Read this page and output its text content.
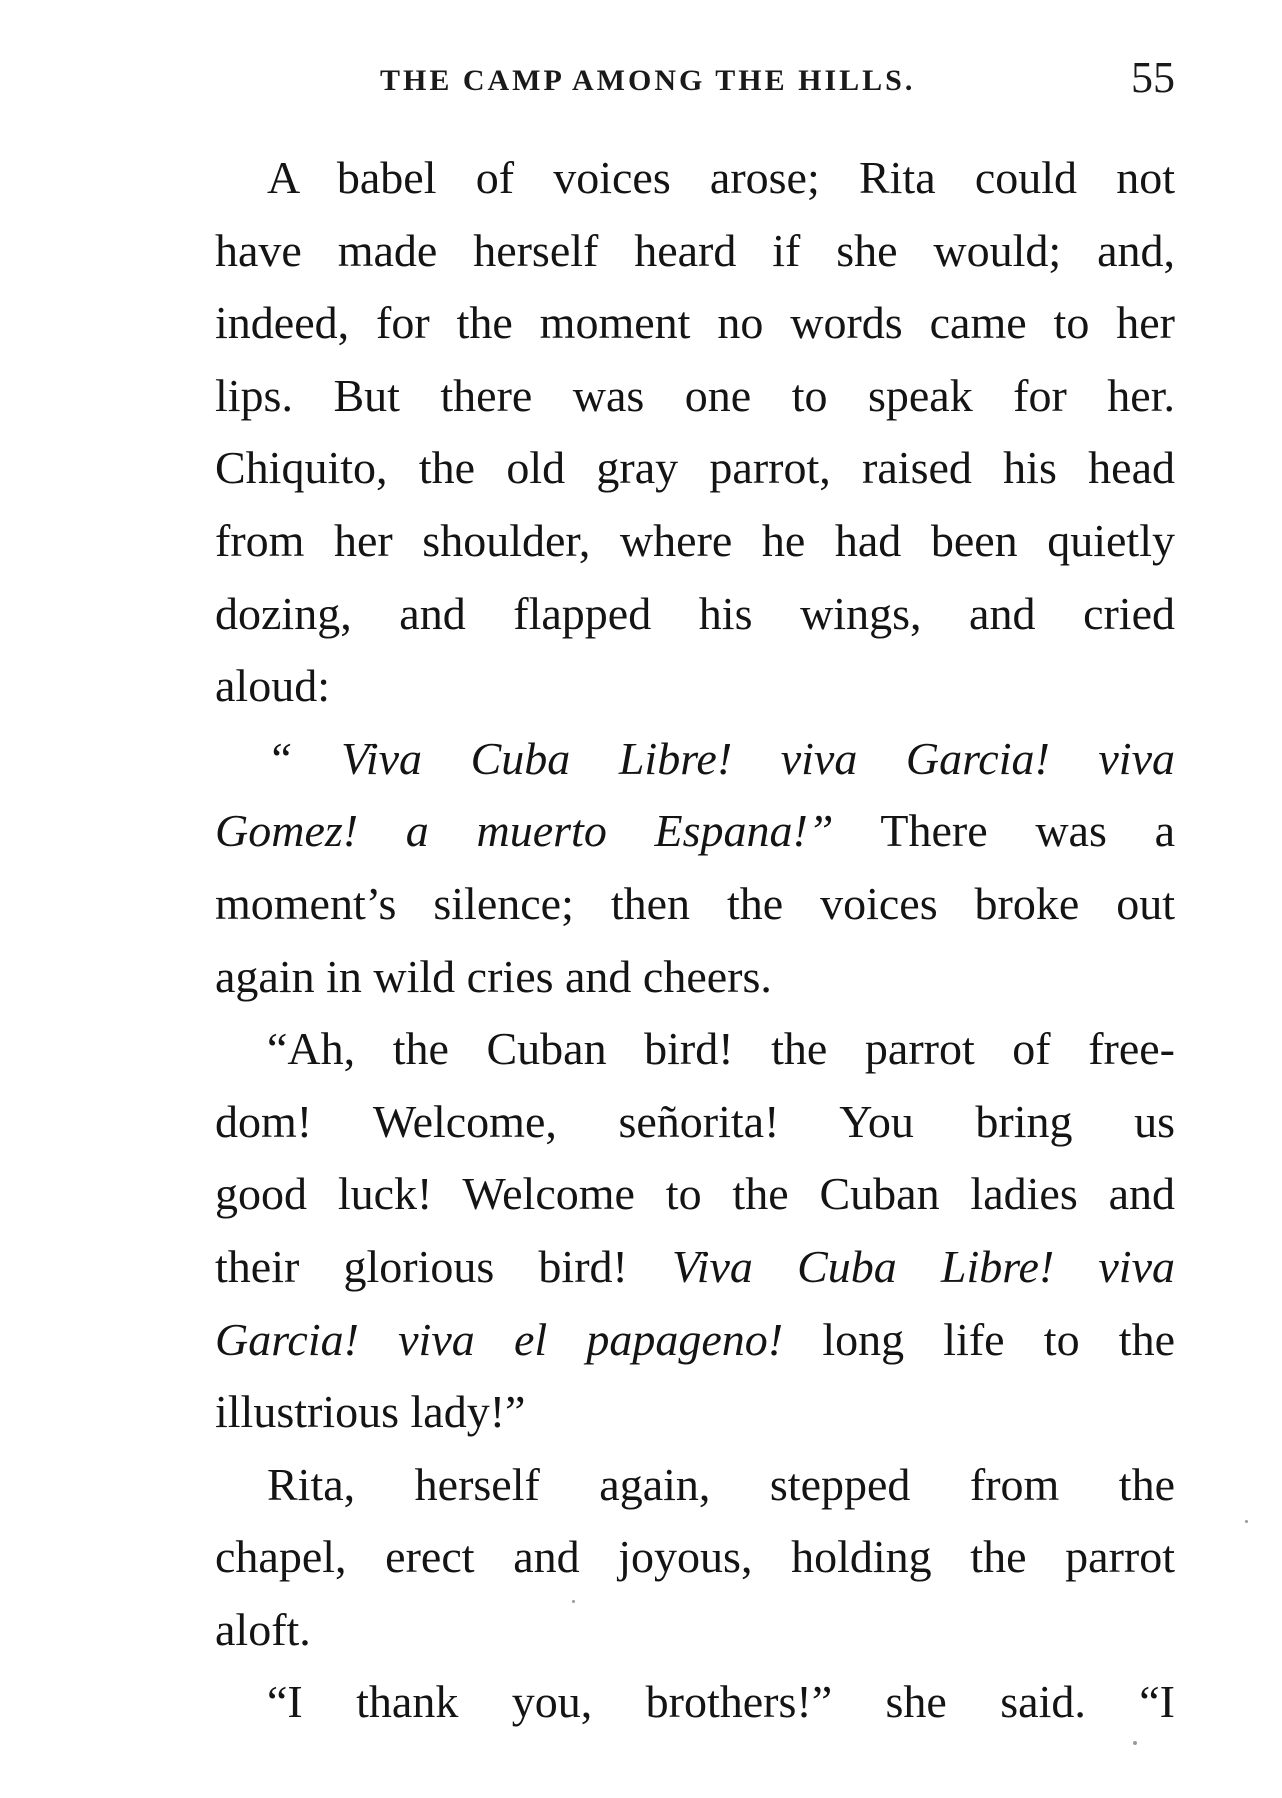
THE CAMP AMONG THE HILLS.	55

A babel of voices arose; Rita could not
have made herself heard if she would; and,
indeed, for the moment no words came to her
lips. But there was one to speak for her.
Chiquito, the old gray parrot, raised his head
from her shoulder, where he had been quietly
dozing, and flapped his wings, and cried
aloud:

“ Viva Cuba Libre! viva Garcia! viva
Gomez! a muerto Espana!” There was a
moment’s silence; then the voices broke out
again in wild cries and cheers.

“Ah, the Cuban bird! the parrot of free-
dom! Welcome, señorita! You bring us
good luck! Welcome to the Cuban ladies and
their glorious bird! Viva Cuba Libre! viva
Garcia! viva el papageno! long life to the
illustrious lady!”

Rita, herself again, stepped from the
chapel, erect and joyous, holding the parrot
aloft.

“I thank you, brothers!” she said. “I
